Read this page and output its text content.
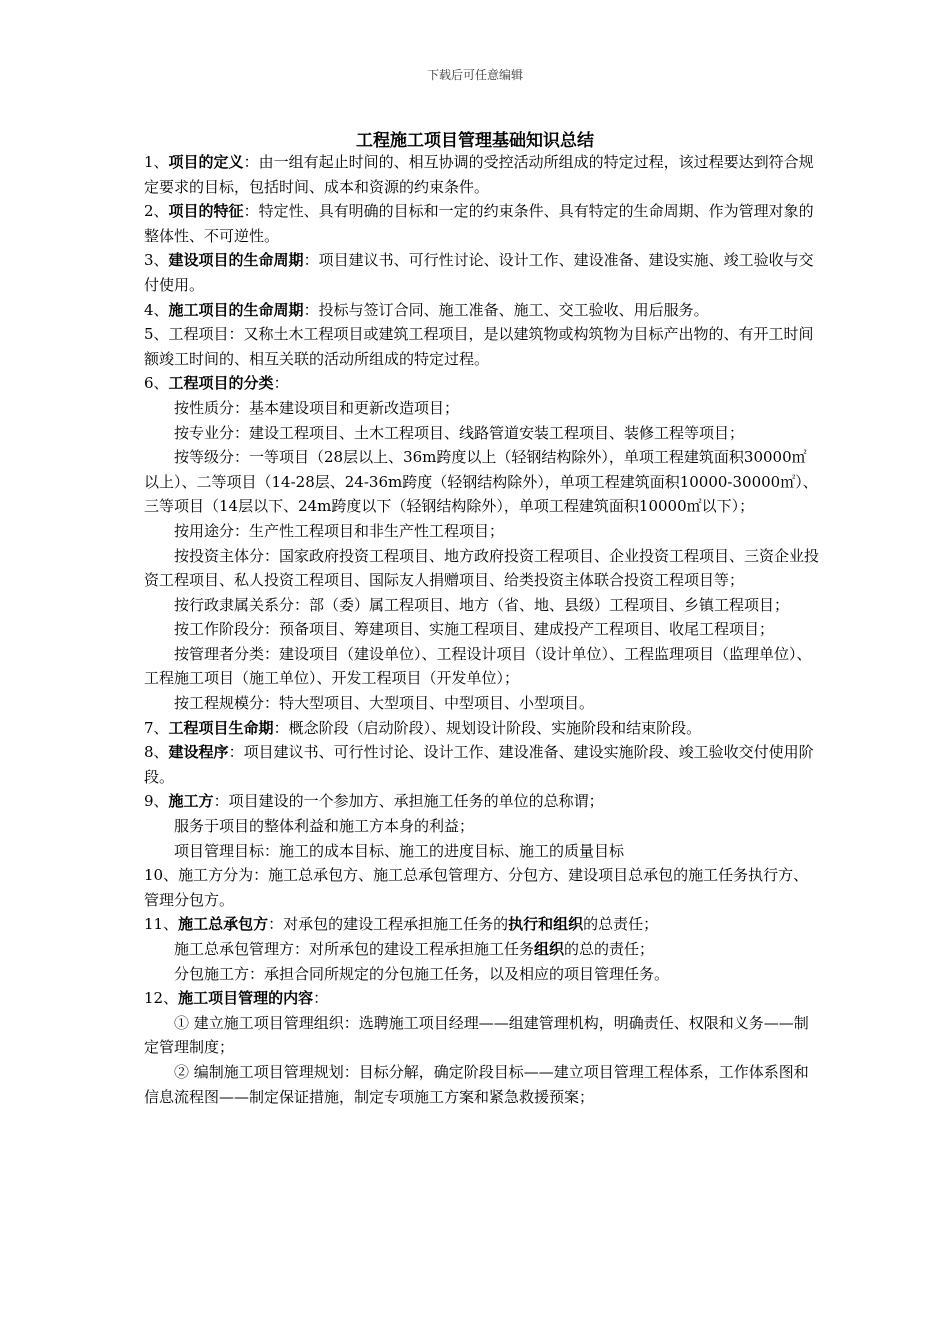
下载后可任意编辑
工程施工项目管理基础知识总结

1、项目的定义：由一组有起止时间的、相互协调的受控活动所组成的特定过程，该过程要达到符合规定要求的目标，包括时间、成本和资源的约束条件。

2、项目的特征：特定性、具有明确的目标和一定的约束条件、具有特定的生命周期、作为管理对象的整体性、不可逆性。

3、建设项目的生命周期：项目建议书、可行性讨论、设计工作、建设准备、建设实施、竣工验收与交付使用。

4、施工项目的生命周期：投标与签订合同、施工准备、施工、交工验收、用后服务。

5、工程项目：又称土木工程项目或建筑工程项目，是以建筑物或构筑物为目标产出物的、有开工时间额竣工时间的、相互关联的活动所组成的特定过程。

6、工程项目的分类：

按性质分：基本建设项目和更新改造项目；

按专业分：建设工程项目、土木工程项目、线路管道安装工程项目、装修工程等项目；

按等级分：一等项目（28层以上、36m跨度以上（轻钢结构除外），单项工程建筑面积30000㎡以上）、二等项目（14-28层、24-36m跨度（轻钢结构除外），单项工程建筑面积10000-30000㎡）、三等项目（14层以下、24m跨度以下（轻钢结构除外），单项工程建筑面积10000㎡以下）；

按用途分：生产性工程项目和非生产性工程项目；

按投资主体分：国家政府投资工程项目、地方政府投资工程项目、企业投资工程项目、三资企业投资工程项目、私人投资工程项目、国际友人捐赠项目、给类投资主体联合投资工程项目等；

按行政隶属关系分：部（委）属工程项目、地方（省、地、县级）工程项目、乡镇工程项目；

按工作阶段分：预备项目、筹建项目、实施工程项目、建成投产工程项目、收尾工程项目；

按管理者分类：建设项目（建设单位）、工程设计项目（设计单位）、工程监理项目（监理单位）、工程施工项目（施工单位）、开发工程项目（开发单位）；

按工程规模分：特大型项目、大型项目、中型项目、小型项目。

7、工程项目生命期：概念阶段（启动阶段）、规划设计阶段、实施阶段和结束阶段。

8、建设程序：项目建议书、可行性讨论、设计工作、建设准备、建设实施阶段、竣工验收交付使用阶段。

9、施工方：项目建设的一个参加方、承担施工任务的单位的总称谓；

服务于项目的整体利益和施工方本身的利益；

项目管理目标：施工的成本目标、施工的进度目标、施工的质量目标

10、施工方分为：施工总承包方、施工总承包管理方、分包方、建设项目总承包的施工任务执行方、管理分包方。

11、施工总承包方：对承包的建设工程承担施工任务的执行和组织的总责任；

施工总承包管理方：对所承包的建设工程承担施工任务组织的总的责任；

分包施工方：承担合同所规定的分包施工任务，以及相应的项目管理任务。

12、施工项目管理的内容：

① 建立施工项目管理组织：选聘施工项目经理——组建管理机构，明确责任、权限和义务——制定管理制度；

② 编制施工项目管理规划：目标分解，确定阶段目标——建立项目管理工程体系，工作体系图和信息流程图——制定保证措施，制定专项施工方案和紧急救援预案；
